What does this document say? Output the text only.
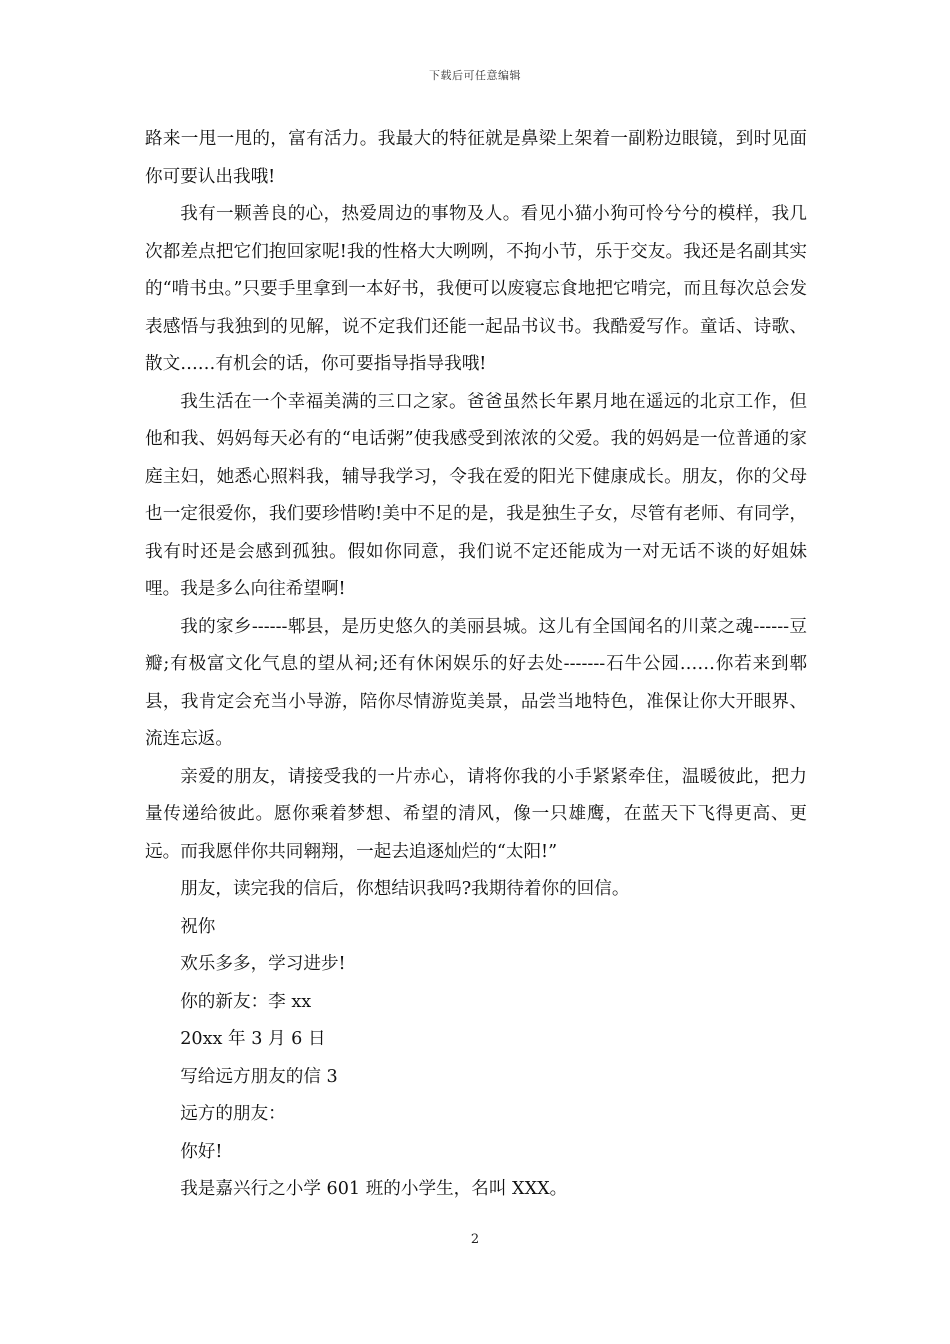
下载后可任意编辑

路来一甩一甩的，富有活力。我最大的特征就是鼻梁上架着一副粉边眼镜，到时见面你可要认出我哦!

我有一颗善良的心，热爱周边的事物及人。看见小猫小狗可怜兮兮的模样，我几次都差点把它们抱回家呢!我的性格大大咧咧，不拘小节，乐于交友。我还是名副其实的“啃书虫。”只要手里拿到一本好书，我便可以废寝忘食地把它啃完，而且每次总会发表感悟与我独到的见解，说不定我们还能一起品书议书。我酷爱写作。童话、诗歌、散文……有机会的话，你可要指导指导我哦!

我生活在一个幸福美满的三口之家。爸爸虽然长年累月地在遥远的北京工作，但他和我、妈妈每天必有的“电话粥”使我感受到浓浓的父爱。我的妈妈是一位普通的家庭主妇，她悉心照料我，辅导我学习，令我在爱的阳光下健康成长。朋友，你的父母也一定很爱你，我们要珍惜哟!美中不足的是，我是独生子女，尽管有老师、有同学，我有时还是会感到孤独。假如你同意，我们说不定还能成为一对无话不谈的好姐妹哩。我是多么向往希望啊!

我的家乡------郫县，是历史悠久的美丽县城。这儿有全国闻名的川菜之魂------豆瓣;有极富文化气息的望从祠;还有休闲娱乐的好去处-------石牛公园……你若来到郫县，我肯定会充当小导游，陪你尽情游览美景，品尝当地特色，准保让你大开眼界、流连忘返。

亲爱的朋友，请接受我的一片赤心，请将你我的小手紧紧牵住，温暖彼此，把力量传递给彼此。愿你乘着梦想、希望的清风，像一只雄鹰，在蓝天下飞得更高、更远。而我愿伴你共同翱翔，一起去追逐灿烂的“太阳!”

朋友，读完我的信后，你想结识我吗?我期待着你的回信。

祝你

欢乐多多，学习进步!

你的新友：李 xx

20xx 年 3 月 6 日

写给远方朋友的信 3

远方的朋友：

你好!

我是嘉兴行之小学 601 班的小学生，名叫 XXX。

2
